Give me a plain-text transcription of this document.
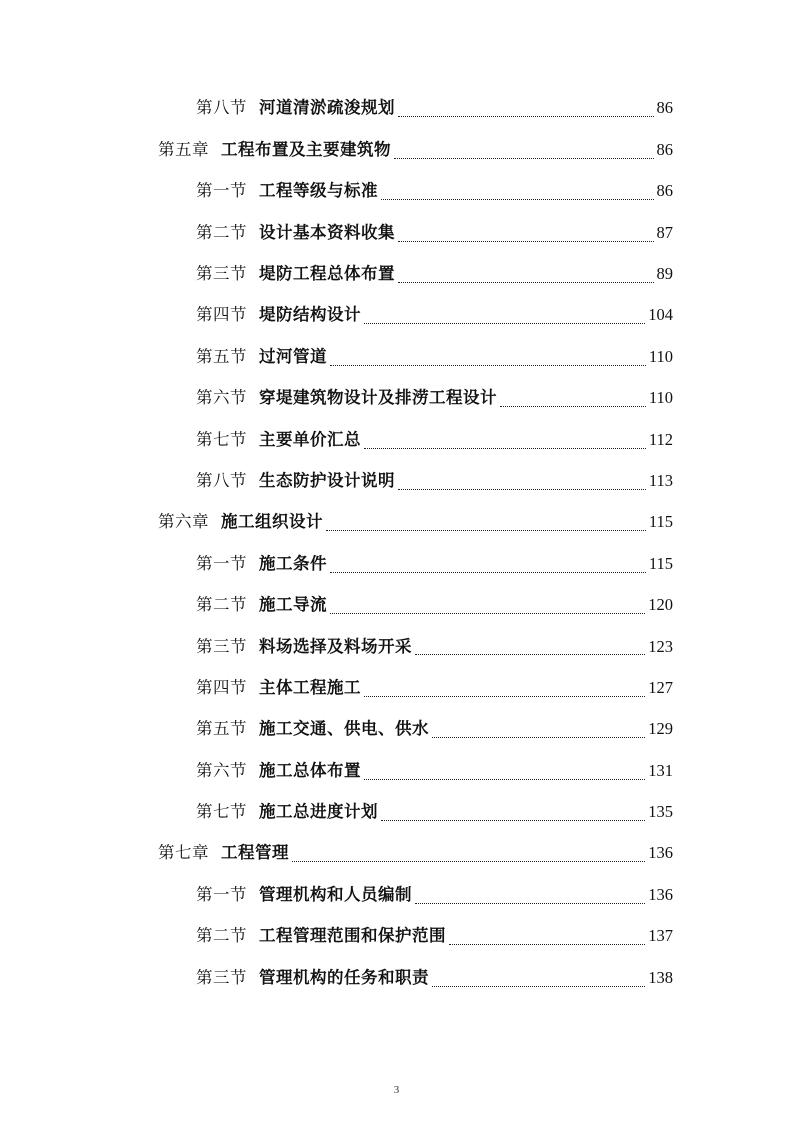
第八节 河道清淤疏浚规划	86
第五章 工程布置及主要建筑物	86
第一节 工程等级与标准	86
第二节 设计基本资料收集	87
第三节 堤防工程总体布置	89
第四节 堤防结构设计	104
第五节 过河管道	110
第六节 穿堤建筑物设计及排涝工程设计	110
第七节 主要单价汇总	112
第八节 生态防护设计说明	113
第六章 施工组织设计	115
第一节 施工条件	115
第二节 施工导流	120
第三节 料场选择及料场开采	123
第四节 主体工程施工	127
第五节 施工交通、供电、供水	129
第六节 施工总体布置	131
第七节 施工总进度计划	135
第七章 工程管理	136
第一节 管理机构和人员编制	136
第二节 工程管理范围和保护范围	137
第三节 管理机构的任务和职责	138
3
